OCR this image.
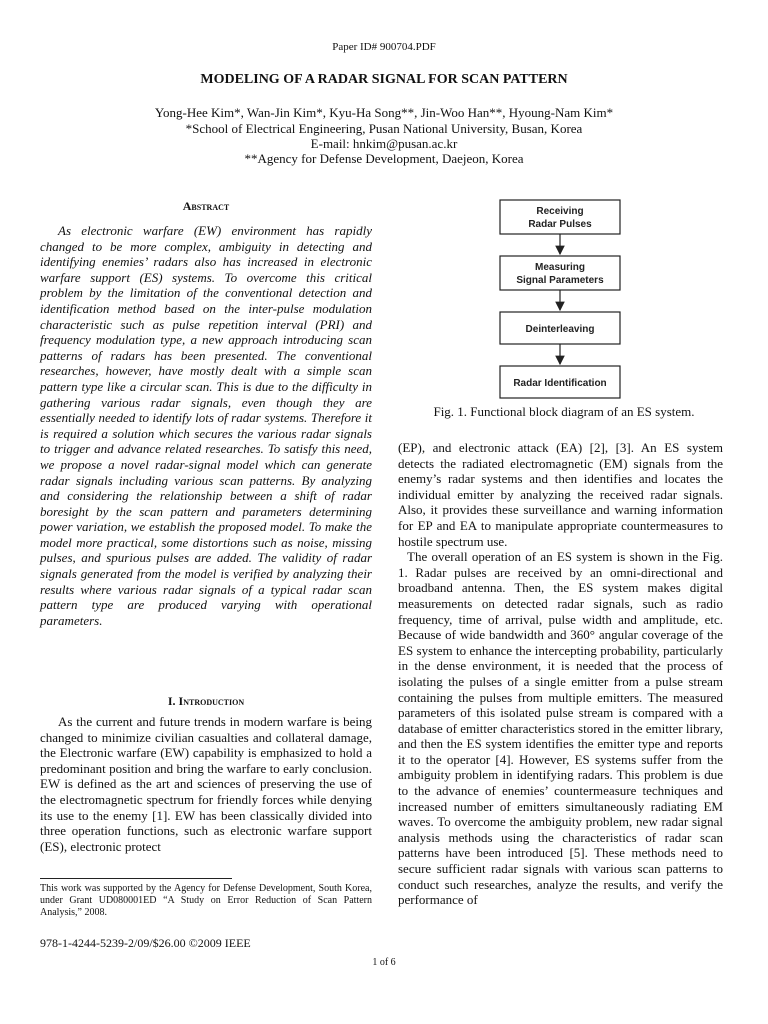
Paper ID# 900704.PDF
MODELING OF A RADAR SIGNAL FOR SCAN PATTERN
Yong-Hee Kim*, Wan-Jin Kim*, Kyu-Ha Song**, Jin-Woo Han**, Hyoung-Nam Kim*
*School of Electrical Engineering, Pusan National University, Busan, Korea
E-mail: hnkim@pusan.ac.kr
**Agency for Defense Development, Daejeon, Korea
Abstract

As electronic warfare (EW) environment has rapidly changed to be more complex, ambiguity in detecting and identifying enemies’ radars also has increased in electronic warfare support (ES) systems. To overcome this critical problem by the limitation of the conventional detection and identification method based on the inter-pulse modulation characteristic such as pulse repetition interval (PRI) and frequency modulation type, a new approach introducing scan patterns of radars has been presented. The conventional researches, however, have mostly dealt with a simple scan pattern type like a circular scan. This is due to the difficulty in gathering various radar signals, even though they are essentially needed to identify lots of radar systems. Therefore it is required a solution which secures the various radar signals to trigger and advance related researches. To satisfy this need, we propose a novel radar-signal model which can generate radar signals including various scan patterns. By analyzing and considering the relationship between a shift of radar boresight by the scan pattern and parameters determining power variation, we establish the proposed model. To make the model more practical, some distortions such as noise, missing pulses, and spurious pulses are added. The validity of radar signals generated from the model is verified by analyzing their results where various radar signals of a typical radar scan pattern type are produced varying with operational parameters.

I. Introduction

As the current and future trends in modern warfare is being changed to minimize civilian casualties and collateral damage, the Electronic warfare (EW) capability is emphasized to hold a predominant position and bring the warfare to early conclusion. EW is defined as the art and sciences of preserving the use of the electromagnetic spectrum for friendly forces while denying its use to the enemy [1]. EW has been classically divided into three operation functions, such as electronic warfare support (ES), electronic protect

This work was supported by the Agency for Defense Development, South Korea, under Grant UD080001ED “A Study on Error Reduction of Scan Pattern Analysis,” 2008.
978-1-4244-5239-2/09/$26.00 ©2009 IEEE
1 of 6
Receiving
Radar Pulses
Measuring
Signal Parameters
Deinterleaving
Radar Identification
Fig. 1. Functional block diagram of an ES system.

(EP), and electronic attack (EA) [2], [3]. An ES system detects the radiated electromagnetic (EM) signals from the enemy’s radar systems and then identifies and locates the individual emitter by analyzing the received radar signals. Also, it provides these surveillance and warning information for EP and EA to manipulate appropriate countermeasures to hostile spectrum use.

The overall operation of an ES system is shown in the Fig. 1. Radar pulses are received by an omni-directional and broadband antenna. Then, the ES system makes digital measurements on detected radar signals, such as radio frequency, time of arrival, pulse width and amplitude, etc. Because of wide bandwidth and 360° angular coverage of the ES system to enhance the intercepting probability, particularly in the dense environment, it is needed that the process of isolating the pulses of a single emitter from a pulse stream containing the pulses from multiple emitters. The measured parameters of this isolated pulse stream is compared with a database of emitter characteristics stored in the emitter library, and then the ES system identifies the emitter type and reports it to the operator [4]. However, ES systems suffer from the ambiguity problem in identifying radars. This problem is due to the advance of enemies’ countermeasure techniques and increased number of emitters simultaneously radiating EM waves. To overcome the ambiguity problem, new radar signal analysis methods using the characteristics of radar scan patterns have been introduced [5]. These methods need to secure sufficient radar signals with various scan patterns to conduct such researches, analyze the results, and verify the performance of
